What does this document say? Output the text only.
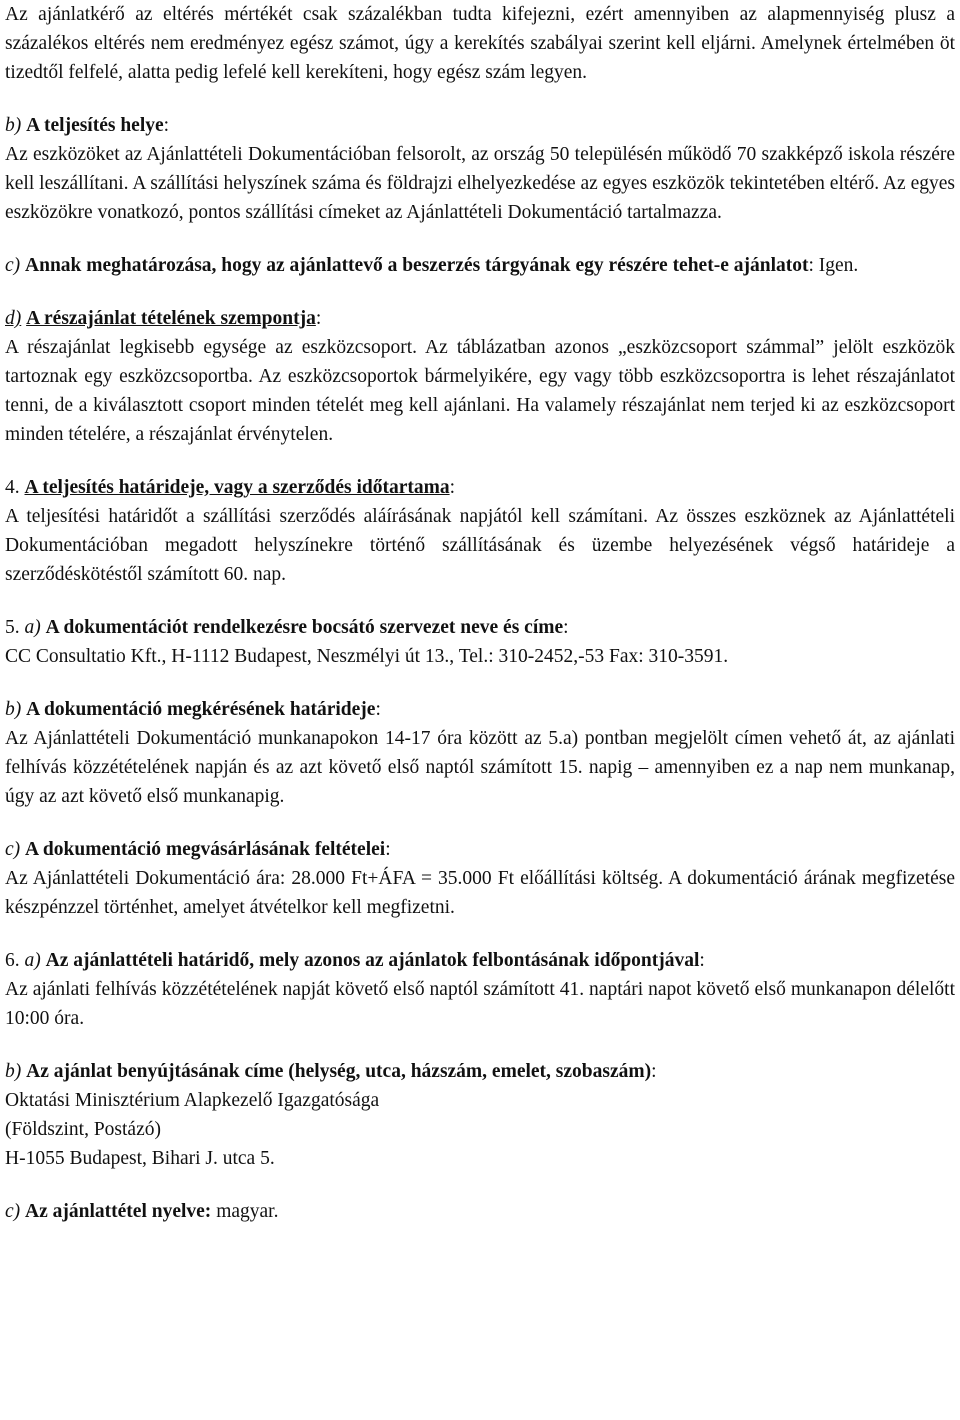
Az ajánlatkérő az eltérés mértékét csak százalékban tudta kifejezni, ezért amennyiben az alapmennyiség plusz a százalékos eltérés nem eredményez egész számot, úgy a kerekítés szabályai szerint kell eljárni. Amelynek értelmében öt tizedtől felfelé, alatta pedig lefelé kell kerekíteni, hogy egész szám legyen.

b) A teljesítés helye:

Az eszközöket az Ajánlattételi Dokumentációban felsorolt, az ország 50 településén működő 70 szakképző iskola részére kell leszállítani. A szállítási helyszínek száma és földrajzi elhelyezkedése az egyes eszközök tekintetében eltérő. Az egyes eszközökre vonatkozó, pontos szállítási címeket az Ajánlattételi Dokumentáció tartalmazza.

c) Annak meghatározása, hogy az ajánlattevő a beszerzés tárgyának egy részére tehet-e ajánlatot: Igen.

d) A részajánlat tételének szempontja:

A részajánlat legkisebb egysége az eszközcsoport. Az táblázatban azonos „eszközcsoport számmal” jelölt eszközök tartoznak egy eszközcsoportba. Az eszközcsoportok bármelyikére, egy vagy több eszközcsoportra is lehet részajánlatot tenni, de a kiválasztott csoport minden tételét meg kell ajánlani. Ha valamely részajánlat nem terjed ki az eszközcsoport minden tételére, a részajánlat érvénytelen.

4. A teljesítés határideje, vagy a szerződés időtartama:

A teljesítési határidőt a szállítási szerződés aláírásának napjától kell számítani. Az összes eszköznek az Ajánlattételi Dokumentációban megadott helyszínekre történő szállításának és üzembe helyezésének végső határideje a szerződéskötéstől számított 60. nap.

5. a) A dokumentációt rendelkezésre bocsátó szervezet neve és címe:

CC Consultatio Kft., H-1112 Budapest, Neszmélyi út 13., Tel.: 310-2452,-53 Fax: 310-3591.

b) A dokumentáció megkérésének határideje:

Az Ajánlattételi Dokumentáció munkanapokon 14-17 óra között az 5.a) pontban megjelölt címen vehető át, az ajánlati felhívás közzétételének napján és az azt követő első naptól számított 15. napig – amennyiben ez a nap nem munkanap, úgy az azt követő első munkanapig.

c) A dokumentáció megvásárlásának feltételei:

Az Ajánlattételi Dokumentáció ára: 28.000 Ft+ÁFA = 35.000 Ft előállítási költség. A dokumentáció árának megfizetése készpénzzel történhet, amelyet átvételkor kell megfizetni.

6. a) Az ajánlattételi határidő, mely azonos az ajánlatok felbontásának időpontjával:

Az ajánlati felhívás közzétételének napját követő első naptól számított 41. naptári napot követő első munkanapon délelőtt 10:00 óra.

b) Az ajánlat benyújtásának címe (helység, utca, házszám, emelet, szobaszám):

Oktatási Minisztérium Alapkezelő Igazgatósága

(Földszint, Postázó)

H-1055 Budapest, Bihari J. utca 5.

c) Az ajánlattétel nyelve: magyar.
